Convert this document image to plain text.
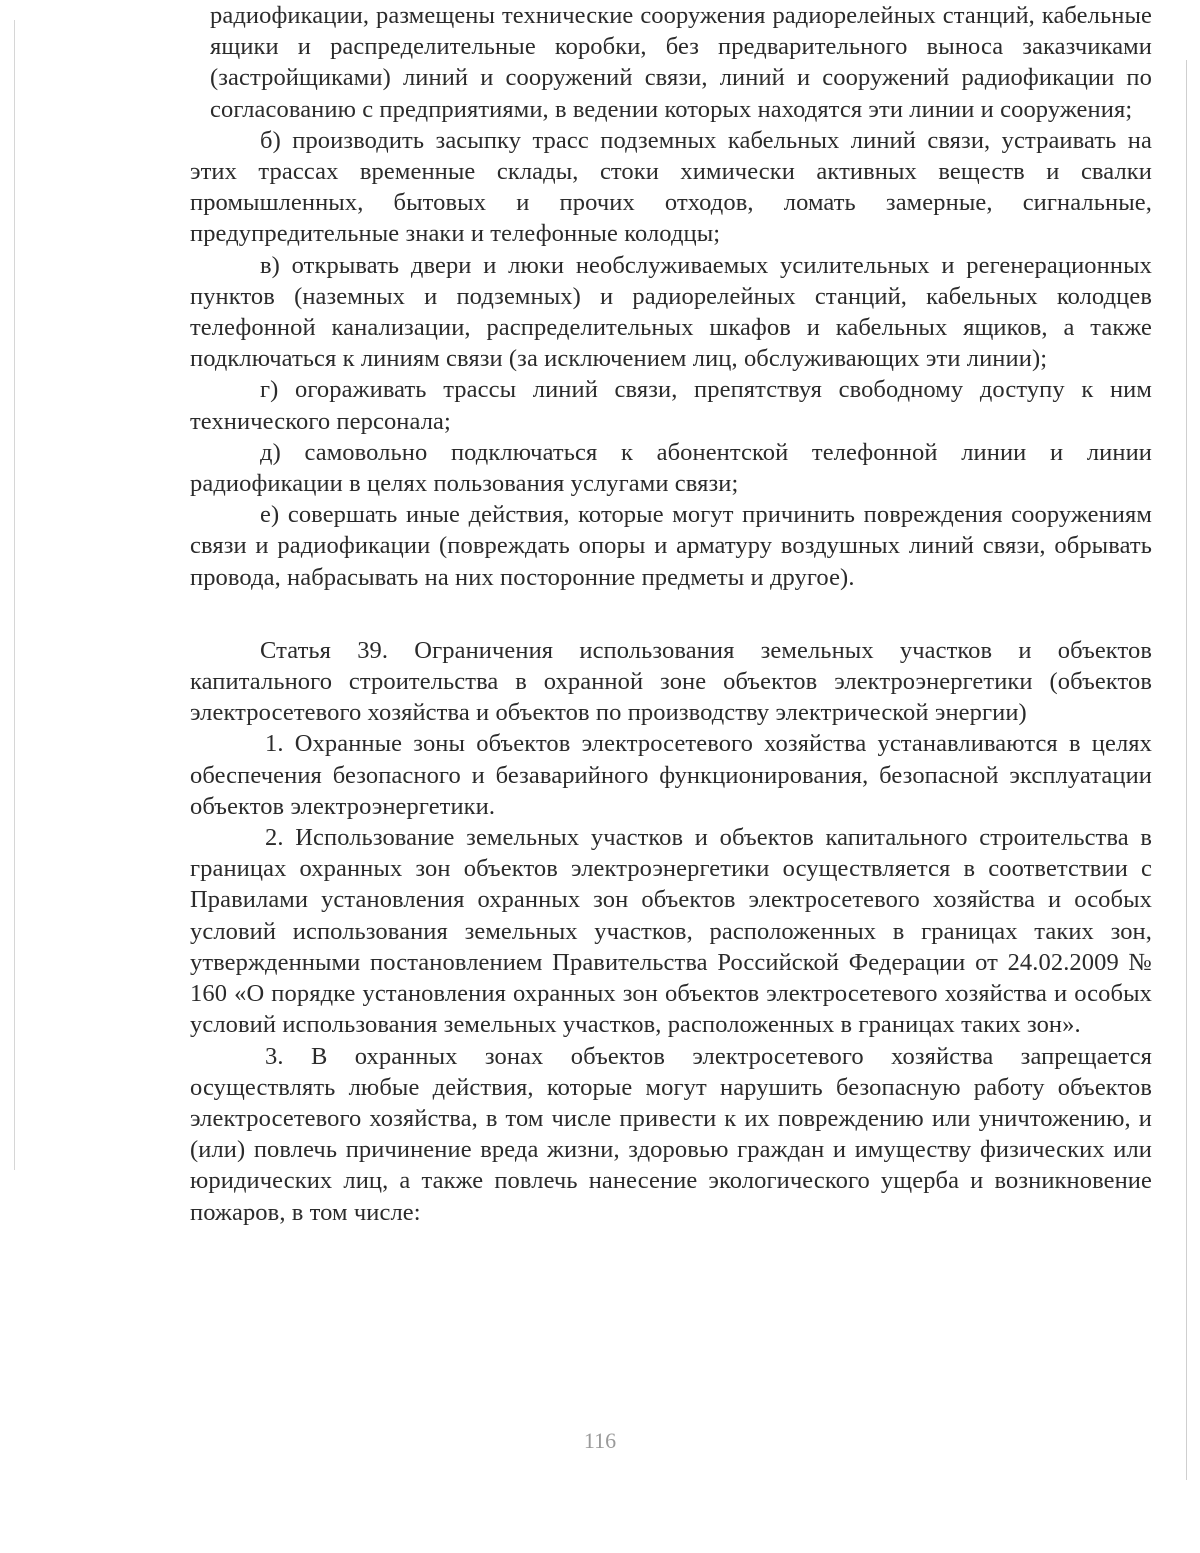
радиофикации, размещены технические сооружения радиорелейных станций, кабельные ящики и распределительные коробки, без предварительного выноса заказчиками (застройщиками) линий и сооружений связи, линий и сооружений радиофикации по согласованию с предприятиями, в ведении которых находятся эти линии и сооружения;

б) производить засыпку трасс подземных кабельных линий связи, устраивать на этих трассах временные склады, стоки химически активных веществ и свалки промышленных, бытовых и прочих отходов, ломать замерные, сигнальные, предупредительные знаки и телефонные колодцы;

в) открывать двери и люки необслуживаемых усилительных и регенерационных пунктов (наземных и подземных) и радиорелейных станций, кабельных колодцев телефонной канализации, распределительных шкафов и кабельных ящиков, а также подключаться к линиям связи (за исключением лиц, обслуживающих эти линии);

г) огораживать трассы линий связи, препятствуя свободному доступу к ним технического персонала;

д) самовольно подключаться к абонентской телефонной линии и линии радиофикации в целях пользования услугами связи;

е) совершать иные действия, которые могут причинить повреждения сооружениям связи и радиофикации (повреждать опоры и арматуру воздушных линий связи, обрывать провода, набрасывать на них посторонние предметы и другое).

Статья 39. Ограничения использования земельных участков и объектов капитального строительства в охранной зоне объектов электроэнергетики (объектов электросетевого хозяйства и объектов по производству электрической энергии)

1. Охранные зоны объектов электросетевого хозяйства устанавливаются в целях обеспечения безопасного и безаварийного функционирования, безопасной эксплуатации объектов электроэнергетики.

2. Использование земельных участков и объектов капитального строительства в границах охранных зон объектов электроэнергетики осуществляется в соответствии с Правилами установления охранных зон объектов электросетевого хозяйства и особых условий использования земельных участков, расположенных в границах таких зон, утвержденными постановлением Правительства Российской Федерации от 24.02.2009 № 160 «О порядке установления охранных зон объектов электросетевого хозяйства и особых условий использования земельных участков, расположенных в границах таких зон».

3. В охранных зонах объектов электросетевого хозяйства запрещается осуществлять любые действия, которые могут нарушить безопасную работу объектов электросетевого хозяйства, в том числе привести к их повреждению или уничтожению, и (или) повлечь причинение вреда жизни, здоровью граждан и имуществу физических или юридических лиц, а также повлечь нанесение экологического ущерба и возникновение пожаров, в том числе:

116
